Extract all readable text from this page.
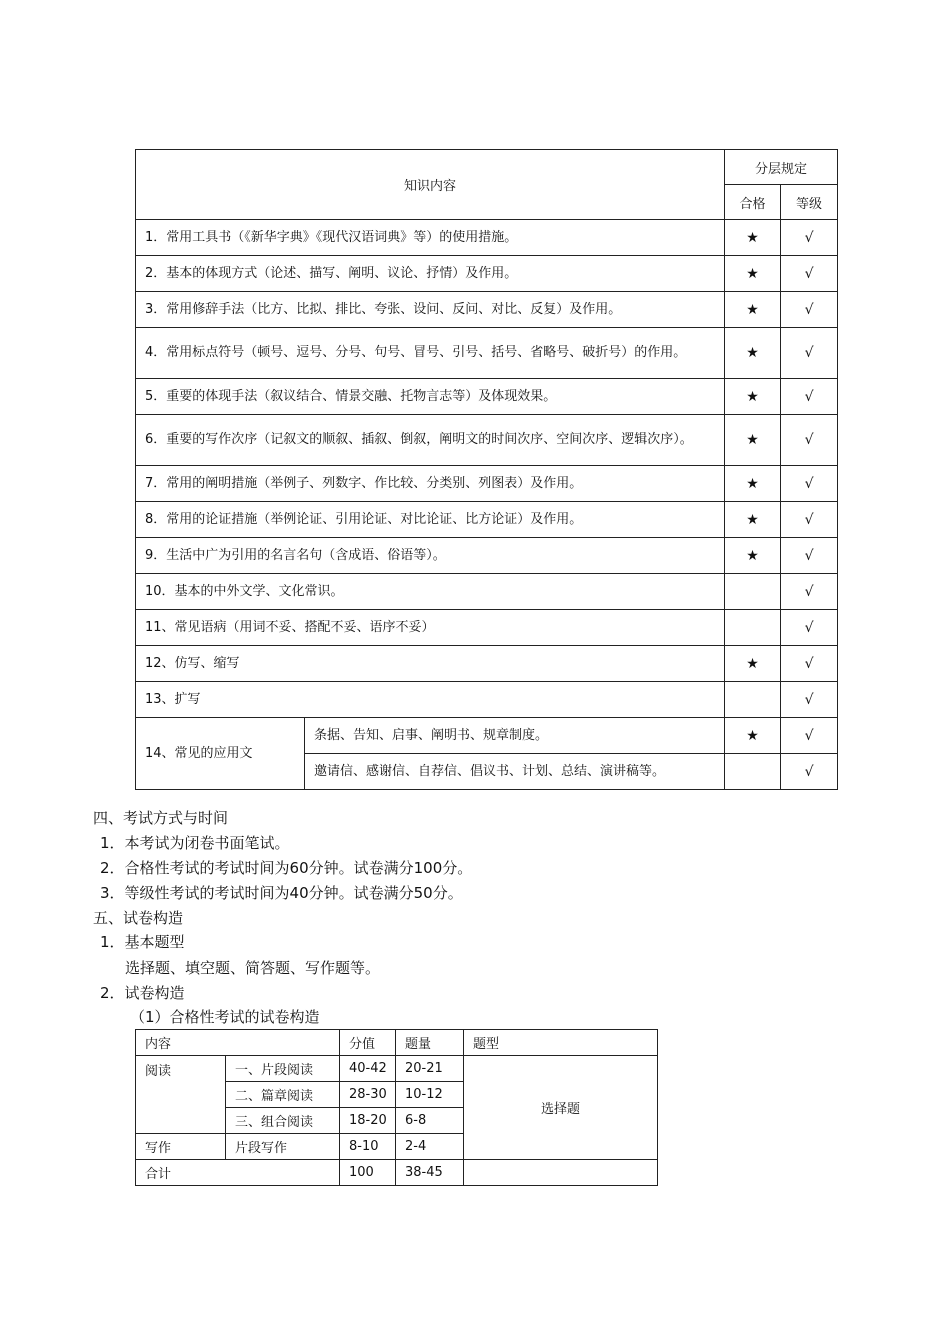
知识内容		分层规定	
		合格	等级
1．常用工具书（《新华字典》《现代汉语词典》等）的使用措施。		★	√
2．基本的体现方式（论述、描写、阐明、议论、抒情）及作用。		★	√
3．常用修辞手法（比方、比拟、排比、夸张、设问、反问、对比、反复）及作用。		★	√
4．常用标点符号（顿号、逗号、分号、句号、冒号、引号、括号、省略号、破折号）的作用。		★	√
5．重要的体现手法（叙议结合、情景交融、托物言志等）及体现效果。		★	√
6．重要的写作次序（记叙文的顺叙、插叙、倒叙，阐明文的时间次序、空间次序、逻辑次序）。		★	√
7．常用的阐明措施（举例子、列数字、作比较、分类别、列图表）及作用。		★	√
8．常用的论证措施（举例论证、引用论证、对比论证、比方论证）及作用。		★	√
9．生活中广为引用的名言名句（含成语、俗语等）。		★	√
10．基本的中外文学、文化常识。			√
11、常见语病（用词不妥、搭配不妥、语序不妥）			√
12、仿写、缩写		★	√
13、扩写			√
14、常见的应用文	条据、告知、启事、阐明书、规章制度。	★	√
	邀请信、感谢信、自荐信、倡议书、计划、总结、演讲稿等。		√
四、考试方式与时间
1．本考试为闭卷书面笔试。
2．合格性考试的考试时间为60分钟。试卷满分100分。
3．等级性考试的考试时间为40分钟。试卷满分50分。
五、试卷构造
1．基本题型
选择题、填空题、简答题、写作题等。
2．试卷构造
（1）合格性考试的试卷构造
内容		分值	题量	题型
阅读	一、片段阅读	40-42	20-21	选择题
	二、篇章阅读	28-30	10-12	
	三、组合阅读	18-20	6-8	
写作	片段写作	8-10	2-4	
合计		100	38-45	
